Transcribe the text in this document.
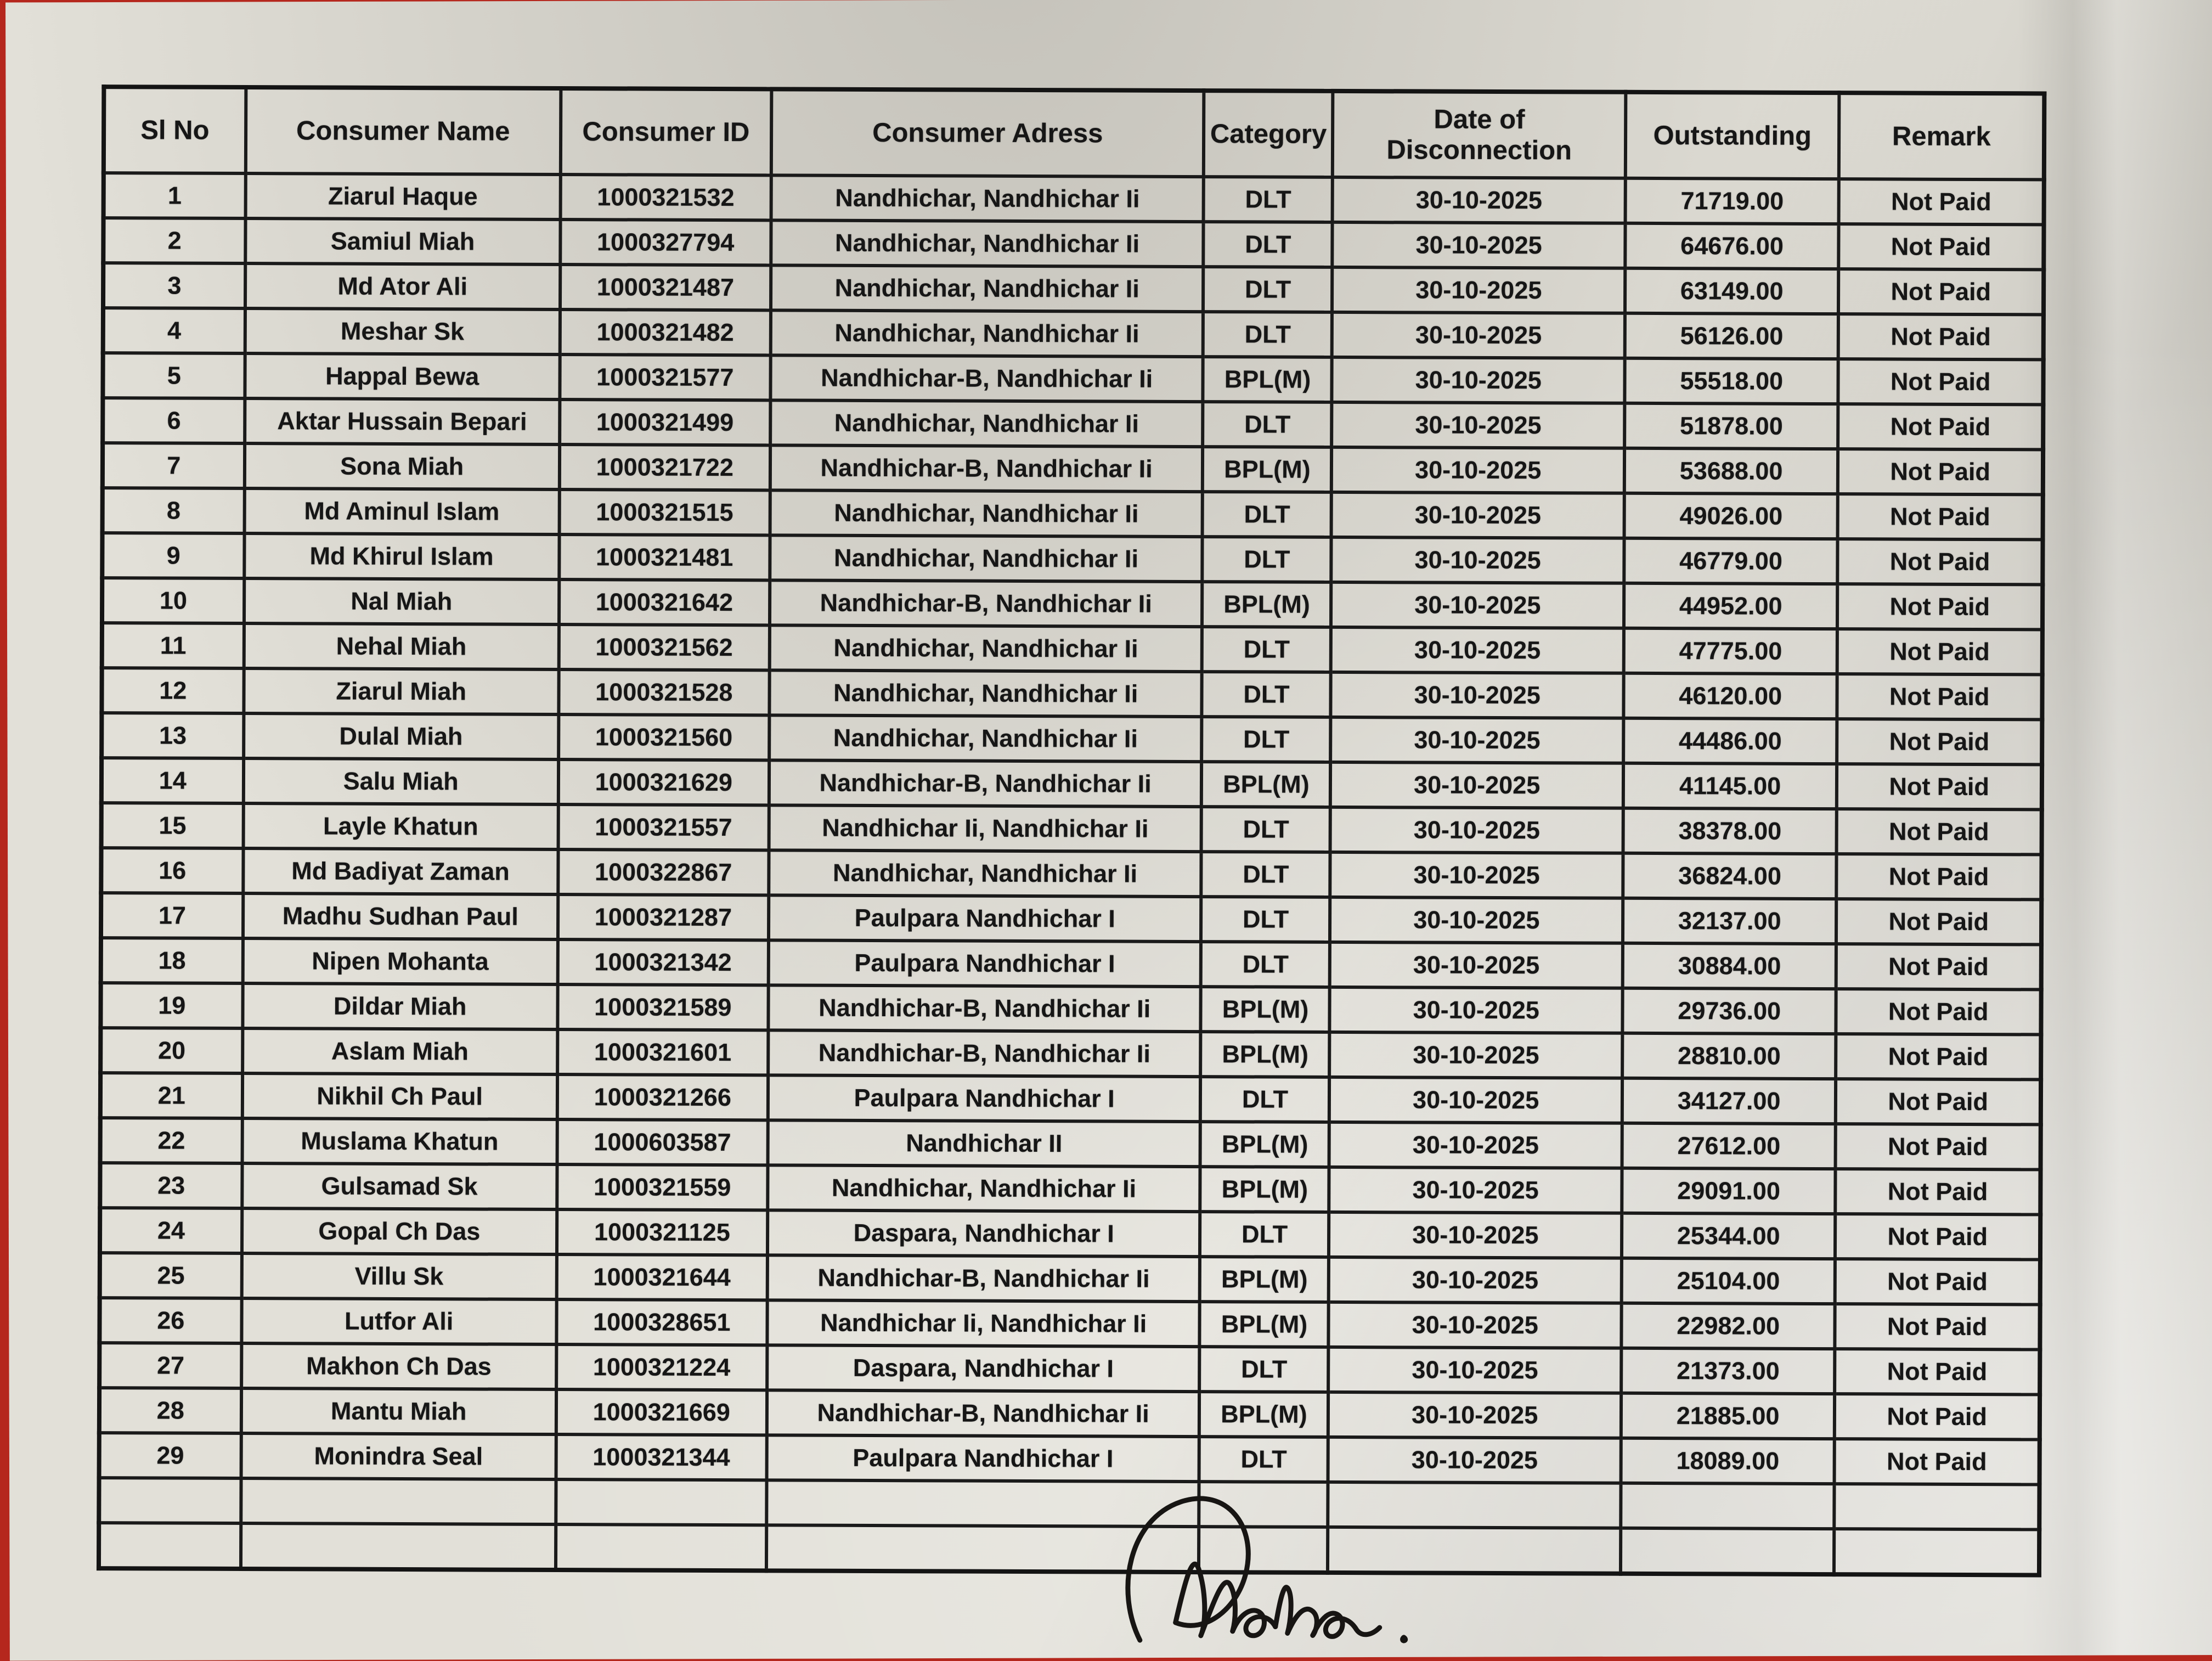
Sl No	Consumer Name	Consumer ID	Consumer Adress	Category	Date of Disconnection	Outstanding	Remark
1	Ziarul Haque	1000321532	Nandhichar, Nandhichar Ii	DLT	30-10-2025	71719.00	Not Paid
2	Samiul Miah	1000327794	Nandhichar, Nandhichar Ii	DLT	30-10-2025	64676.00	Not Paid
3	Md Ator Ali	1000321487	Nandhichar, Nandhichar Ii	DLT	30-10-2025	63149.00	Not Paid
4	Meshar Sk	1000321482	Nandhichar, Nandhichar Ii	DLT	30-10-2025	56126.00	Not Paid
5	Happal Bewa	1000321577	Nandhichar-B, Nandhichar Ii	BPL(M)	30-10-2025	55518.00	Not Paid
6	Aktar Hussain Bepari	1000321499	Nandhichar, Nandhichar Ii	DLT	30-10-2025	51878.00	Not Paid
7	Sona Miah	1000321722	Nandhichar-B, Nandhichar Ii	BPL(M)	30-10-2025	53688.00	Not Paid
8	Md Aminul Islam	1000321515	Nandhichar, Nandhichar Ii	DLT	30-10-2025	49026.00	Not Paid
9	Md Khirul Islam	1000321481	Nandhichar, Nandhichar Ii	DLT	30-10-2025	46779.00	Not Paid
10	Nal Miah	1000321642	Nandhichar-B, Nandhichar Ii	BPL(M)	30-10-2025	44952.00	Not Paid
11	Nehal Miah	1000321562	Nandhichar, Nandhichar Ii	DLT	30-10-2025	47775.00	Not Paid
12	Ziarul Miah	1000321528	Nandhichar, Nandhichar Ii	DLT	30-10-2025	46120.00	Not Paid
13	Dulal Miah	1000321560	Nandhichar, Nandhichar Ii	DLT	30-10-2025	44486.00	Not Paid
14	Salu Miah	1000321629	Nandhichar-B, Nandhichar Ii	BPL(M)	30-10-2025	41145.00	Not Paid
15	Layle Khatun	1000321557	Nandhichar Ii, Nandhichar Ii	DLT	30-10-2025	38378.00	Not Paid
16	Md Badiyat Zaman	1000322867	Nandhichar, Nandhichar Ii	DLT	30-10-2025	36824.00	Not Paid
17	Madhu Sudhan Paul	1000321287	Paulpara Nandhichar I	DLT	30-10-2025	32137.00	Not Paid
18	Nipen Mohanta	1000321342	Paulpara Nandhichar I	DLT	30-10-2025	30884.00	Not Paid
19	Dildar Miah	1000321589	Nandhichar-B, Nandhichar Ii	BPL(M)	30-10-2025	29736.00	Not Paid
20	Aslam Miah	1000321601	Nandhichar-B, Nandhichar Ii	BPL(M)	30-10-2025	28810.00	Not Paid
21	Nikhil Ch Paul	1000321266	Paulpara Nandhichar I	DLT	30-10-2025	34127.00	Not Paid
22	Muslama Khatun	1000603587	Nandhichar II	BPL(M)	30-10-2025	27612.00	Not Paid
23	Gulsamad Sk	1000321559	Nandhichar, Nandhichar Ii	BPL(M)	30-10-2025	29091.00	Not Paid
24	Gopal Ch Das	1000321125	Daspara, Nandhichar I	DLT	30-10-2025	25344.00	Not Paid
25	Villu Sk	1000321644	Nandhichar-B, Nandhichar Ii	BPL(M)	30-10-2025	25104.00	Not Paid
26	Lutfor Ali	1000328651	Nandhichar Ii, Nandhichar Ii	BPL(M)	30-10-2025	22982.00	Not Paid
27	Makhon Ch Das	1000321224	Daspara, Nandhichar I	DLT	30-10-2025	21373.00	Not Paid
28	Mantu Miah	1000321669	Nandhichar-B, Nandhichar Ii	BPL(M)	30-10-2025	21885.00	Not Paid
29	Monindra Seal	1000321344	Paulpara Nandhichar I	DLT	30-10-2025	18089.00	Not Paid
